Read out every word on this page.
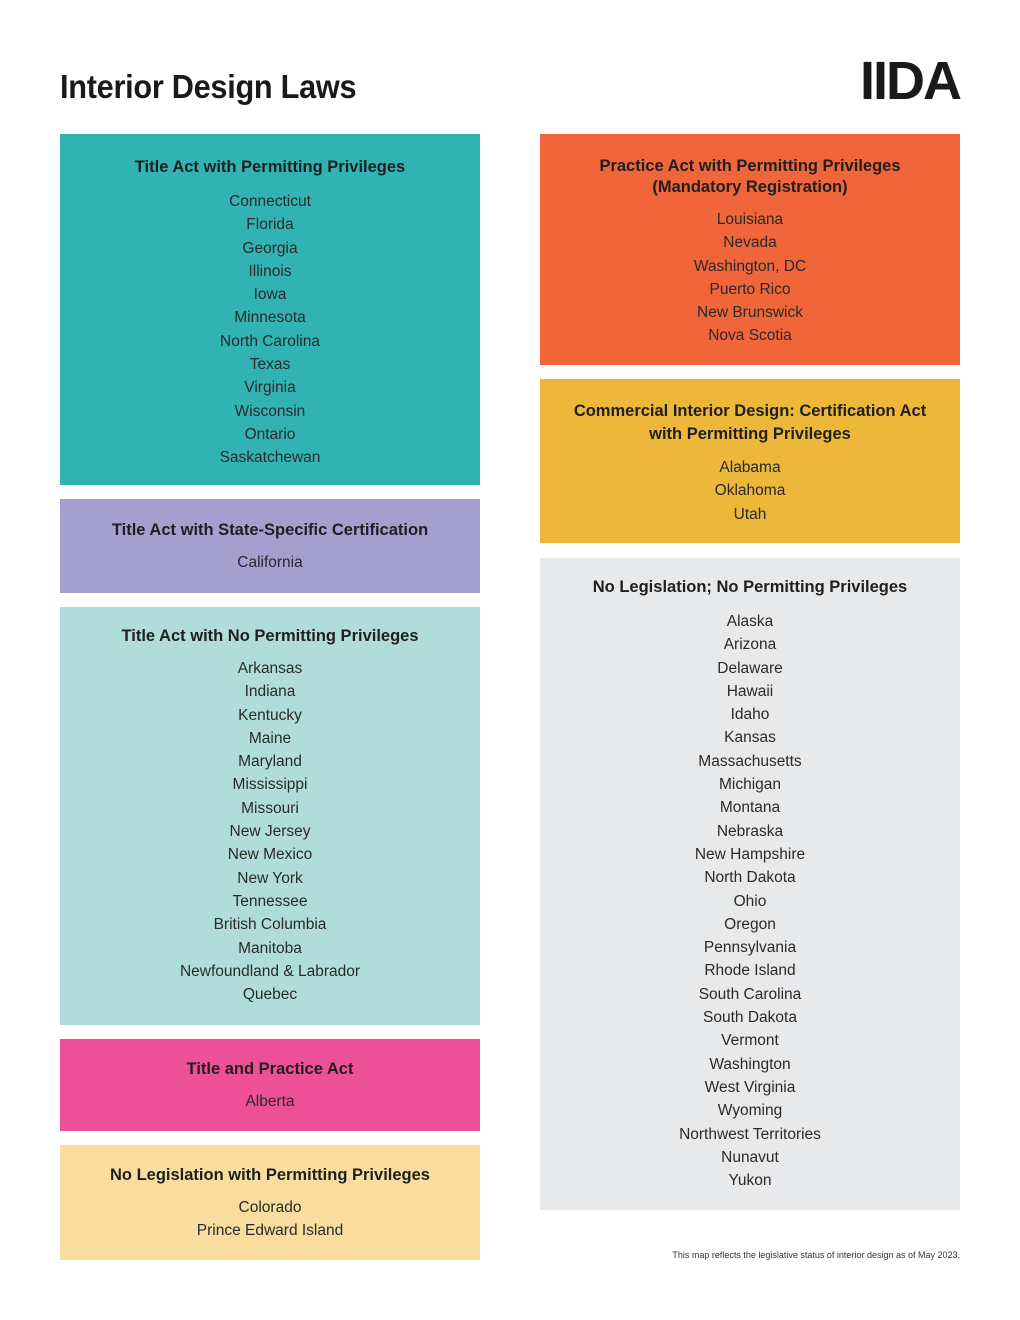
Interior Design Laws	IIDA
Title Act with Permitting Privileges
Connecticut
Florida
Georgia
Illinois
Iowa
Minnesota
North Carolina
Texas
Virginia
Wisconsin
Ontario
Saskatchewan
Title Act with State-Specific Certification
California
Title Act with No Permitting Privileges
Arkansas
Indiana
Kentucky
Maine
Maryland
Mississippi
Missouri
New Jersey
New Mexico
New York
Tennessee
British Columbia
Manitoba
Newfoundland & Labrador
Quebec
Title and Practice Act
Alberta
No Legislation with Permitting Privileges
Colorado
Prince Edward Island
Practice Act with Permitting Privileges
(Mandatory Registration)
Louisiana
Nevada
Washington, DC
Puerto Rico
New Brunswick
Nova Scotia
Commercial Interior Design: Certification Act
with Permitting Privileges
Alabama
Oklahoma
Utah
No Legislation; No Permitting Privileges
Alaska
Arizona
Delaware
Hawaii
Idaho
Kansas
Massachusetts
Michigan
Montana
Nebraska
New Hampshire
North Dakota
Ohio
Oregon
Pennsylvania
Rhode Island
South Carolina
South Dakota
Vermont
Washington
West Virginia
Wyoming
Northwest Territories
Nunavut
Yukon
This map reflects the legislative status of interior design as of May 2023.
